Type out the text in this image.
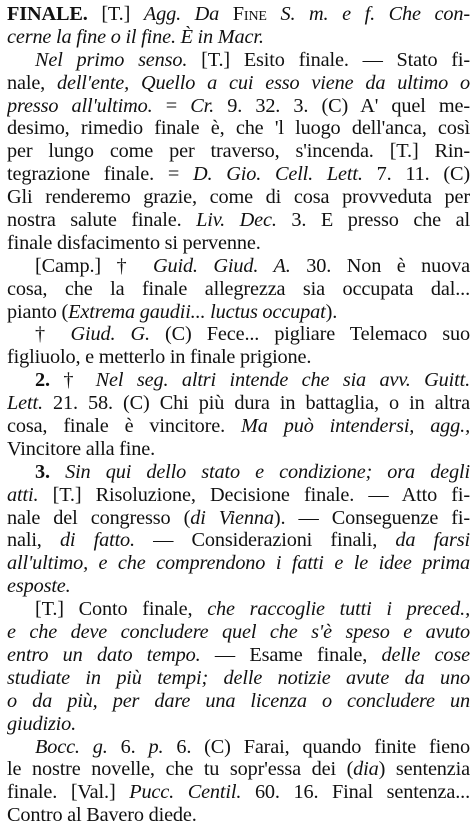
FINALE. [T.] Agg. Da Fine S. m. e f. Che con-
cerne la fine o il fine. È in Macr.
Nel primo senso. [T.] Esito finale. — Stato fi-
nale, dell'ente, Quello a cui esso viene da ultimo o
presso all'ultimo. = Cr. 9. 32. 3. (C) A' quel me-
desimo, rimedio finale è, che 'l luogo dell'anca, così
per lungo come per traverso, s'incenda. [T.] Rin-
tegrazione finale. = D. Gio. Cell. Lett. 7. 11. (C)
Gli renderemo grazie, come di cosa provveduta per
nostra salute finale. Liv. Dec. 3. E presso che al
finale disfacimento si pervenne.
[Camp.] † Guid. Giud. A. 30. Non è nuova
cosa, che la finale allegrezza sia occupata dal...
pianto (Extrema gaudii... luctus occupat).
† Giud. G. (C) Fece... pigliare Telemaco suo
figliuolo, e metterlo in finale prigione.
2. † Nel seg. altri intende che sia avv. Guitt.
Lett. 21. 58. (C) Chi più dura in battaglia, o in altra
cosa, finale è vincitore. Ma può intendersi, agg.,
Vincitore alla fine.
3. Sin qui dello stato e condizione; ora degli
atti. [T.] Risoluzione, Decisione finale. — Atto fi-
nale del congresso (di Vienna). — Conseguenze fi-
nali, di fatto. — Considerazioni finali, da farsi
all'ultimo, e che comprendono i fatti e le idee prima
esposte.
[T.] Conto finale, che raccoglie tutti i preced.,
e che deve concludere quel che s'è speso e avuto
entro un dato tempo. — Esame finale, delle cose
studiate in più tempi; delle notizie avute da uno
o da più, per dare una licenza o concludere un
giudizio.
Bocc. g. 6. p. 6. (C) Farai, quando finite fieno
le nostre novelle, che tu sopr'essa dei (dia) sentenzia
finale. [Val.] Pucc. Centil. 60. 16. Final sentenza...
Contro al Bavero diede.
